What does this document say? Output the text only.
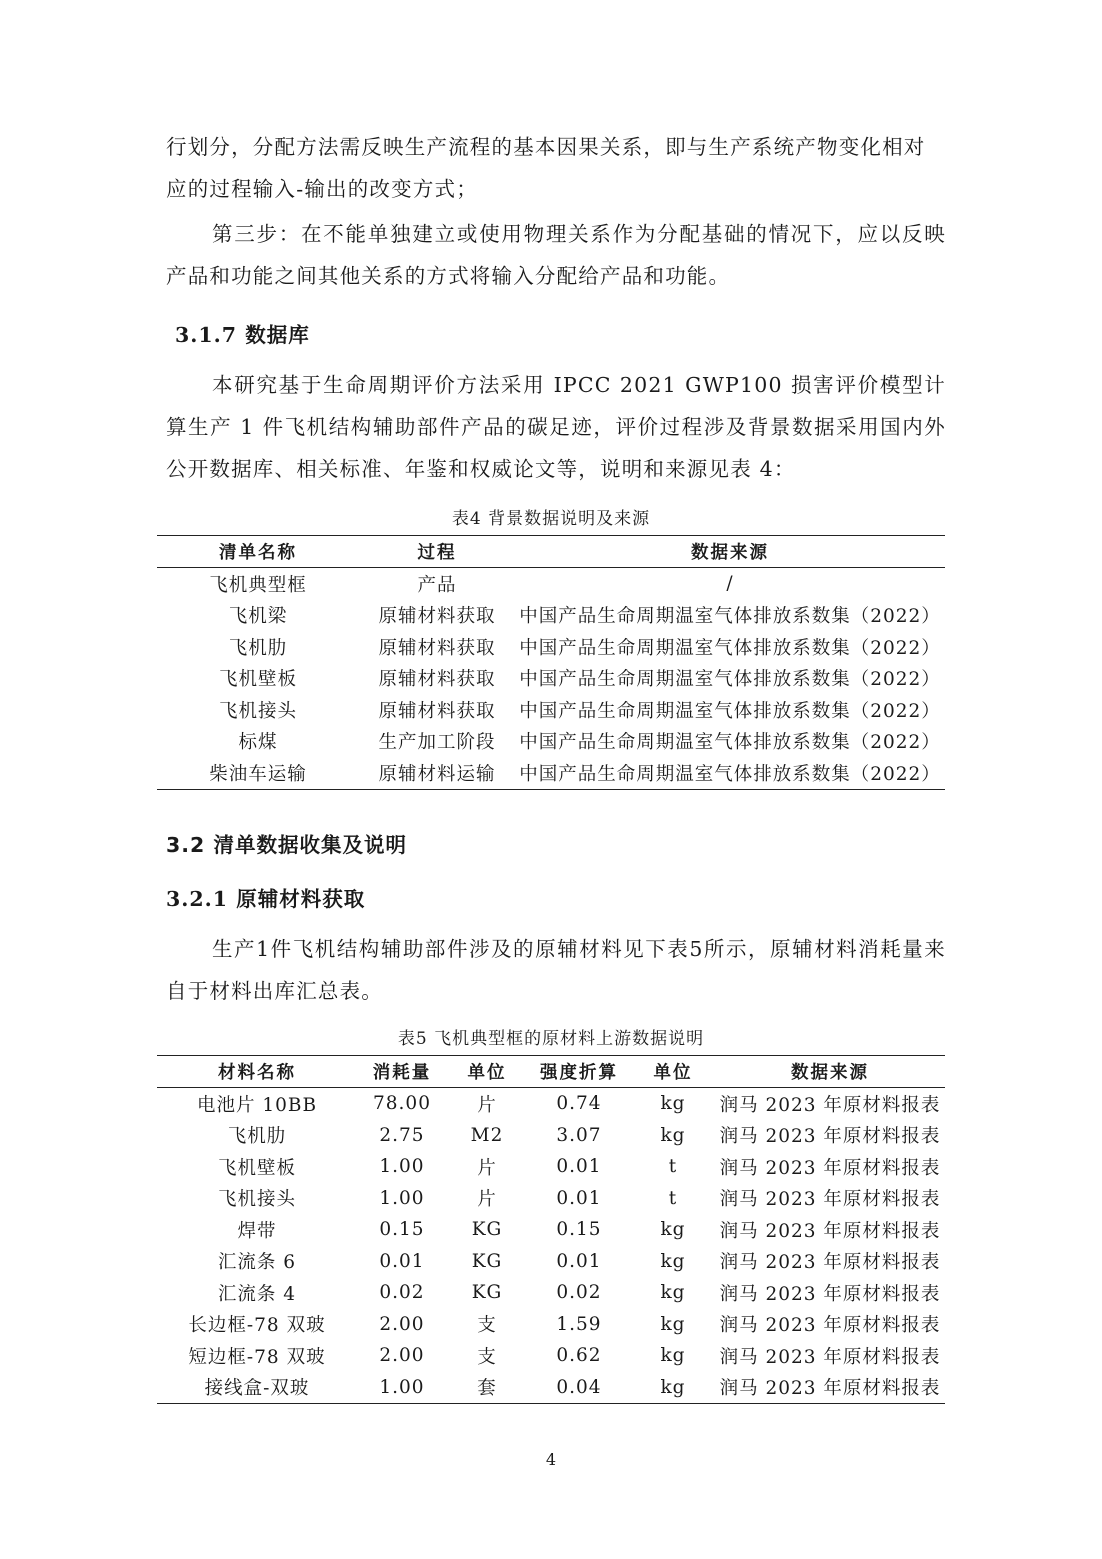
行划分，分配方法需反映生产流程的基本因果关系，即与生产系统产物变化相对

应的过程输入-输出的改变方式；

第三步：在不能单独建立或使用物理关系作为分配基础的情况下，应以反映产品和功能之间其他关系的方式将输入分配给产品和功能。

3.1.7 数据库

本研究基于生命周期评价方法采用 IPCC 2021 GWP100 损害评价模型计算生产 1 件飞机结构辅助部件产品的碳足迹，评价过程涉及背景数据采用国内外公开数据库、相关标准、年鉴和权威论文等，说明和来源见表 4：

表4 背景数据说明及来源

清单名称	过程	数据来源
飞机典型框	产品	/
飞机梁	原辅材料获取	中国产品生命周期温室气体排放系数集（2022）
飞机肋	原辅材料获取	中国产品生命周期温室气体排放系数集（2022）
飞机壁板	原辅材料获取	中国产品生命周期温室气体排放系数集（2022）
飞机接头	原辅材料获取	中国产品生命周期温室气体排放系数集（2022）
标煤	生产加工阶段	中国产品生命周期温室气体排放系数集（2022）
柴油车运输	原辅材料运输	中国产品生命周期温室气体排放系数集（2022）
3.2 清单数据收集及说明
3.2.1 原辅材料获取

生产1件飞机结构辅助部件涉及的原辅材料见下表5所示，原辅材料消耗量来自于材料出库汇总表。

表5 飞机典型框的原材料上游数据说明

材料名称	消耗量	单位	强度折算	单位	数据来源
电池片 10BB	78.00	片	0.74	kg	润马 2023 年原材料报表
飞机肋	2.75	M2	3.07	kg	润马 2023 年原材料报表
飞机壁板	1.00	片	0.01	t	润马 2023 年原材料报表
飞机接头	1.00	片	0.01	t	润马 2023 年原材料报表
焊带	0.15	KG	0.15	kg	润马 2023 年原材料报表
汇流条 6	0.01	KG	0.01	kg	润马 2023 年原材料报表
汇流条 4	0.02	KG	0.02	kg	润马 2023 年原材料报表
长边框-78 双玻	2.00	支	1.59	kg	润马 2023 年原材料报表
短边框-78 双玻	2.00	支	0.62	kg	润马 2023 年原材料报表
接线盒-双玻	1.00	套	0.04	kg	润马 2023 年原材料报表
4
